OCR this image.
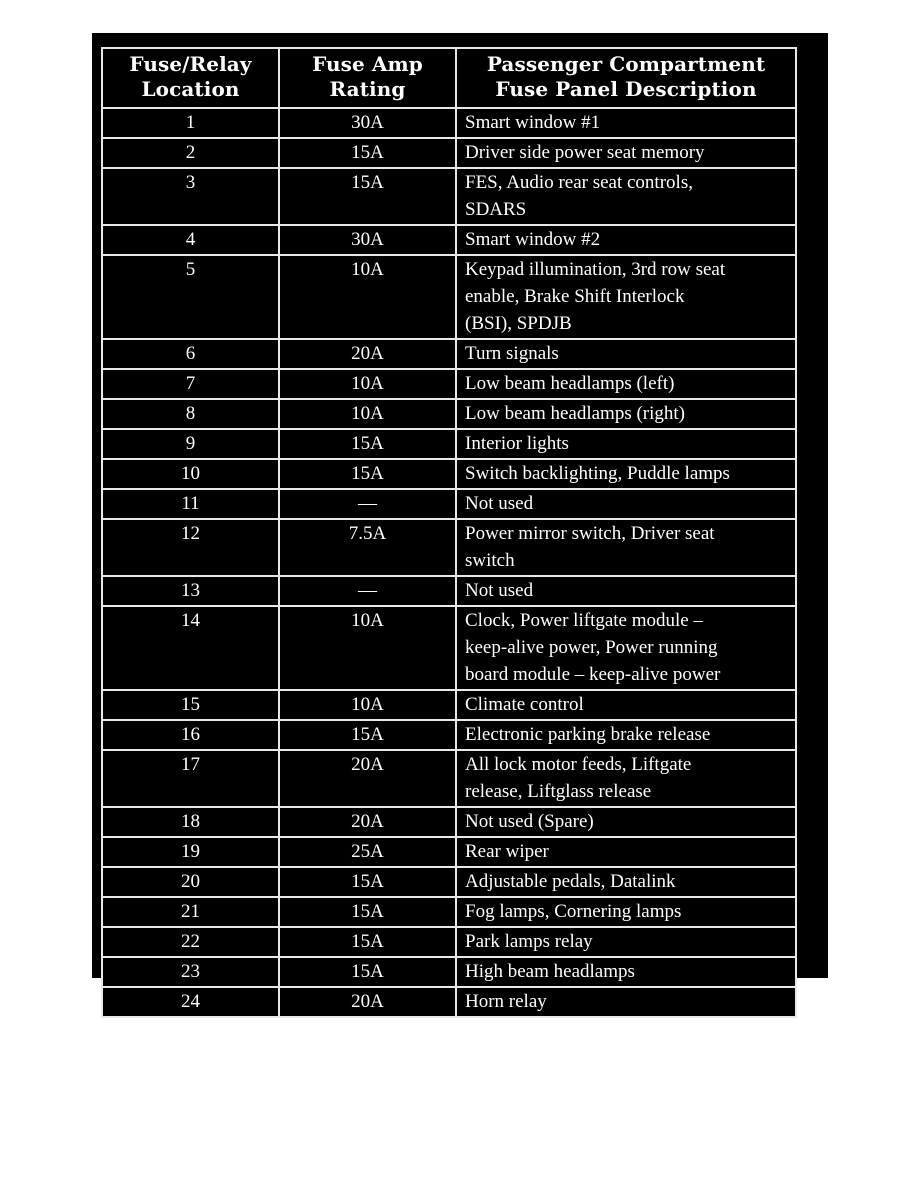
Fuse/Relay Location	Fuse Amp Rating	Passenger Compartment Fuse Panel Description
1	30A	Smart window #1

2	15A	Driver side power seat memory

3	15A	FES, Audio rear seat controls,
SDARS

4	30A	Smart window #2

5	10A	Keypad illumination, 3rd row seat
enable, Brake Shift Interlock
(BSI), SPDJB

6	20A	Turn signals

7	10A	Low beam headlamps (left)

8	10A	Low beam headlamps (right)

9	15A	Interior lights

10	15A	Switch backlighting, Puddle lamps

11	—	Not used

12	7.5A	Power mirror switch, Driver seat
switch

13	—	Not used

14	10A	Clock, Power liftgate module –
keep-alive power, Power running
board module – keep-alive power

15	10A	Climate control

16	15A	Electronic parking brake release

17	20A	All lock motor feeds, Liftgate
release, Liftglass release

18	20A	Not used (Spare)

19	25A	Rear wiper

20	15A	Adjustable pedals, Datalink

21	15A	Fog lamps, Cornering lamps

22	15A	Park lamps relay

23	15A	High beam headlamps

24	20A	Horn relay
